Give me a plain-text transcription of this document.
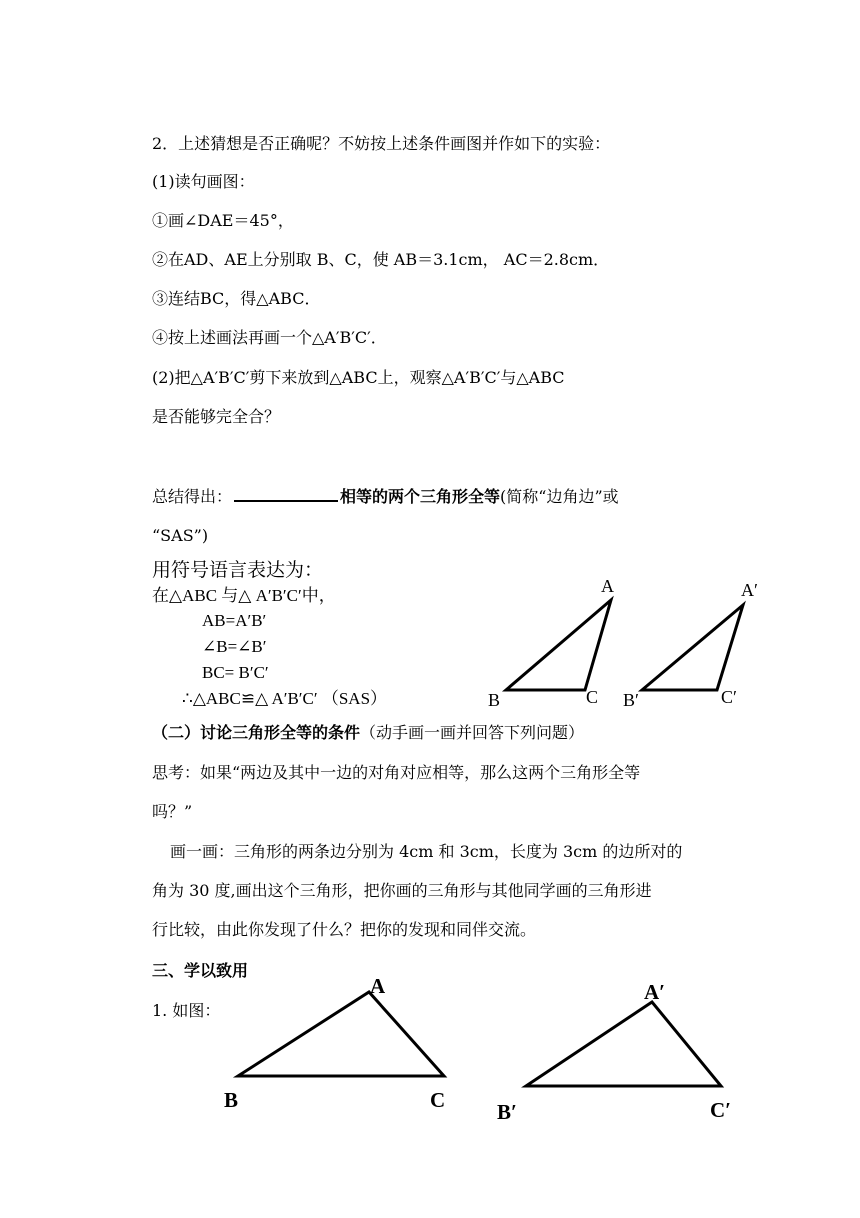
2．上述猜想是否正确呢？不妨按上述条件画图并作如下的实验：
(1)读句画图：
①画∠DAE＝45°，
②在AD、AE上分别取 B、C，使 AB＝3.1cm， AC＝2.8cm．
③连结BC，得△ABC．
④按上述画法再画一个△A′B′C′．
(2)把△A′B′C′剪下来放到△ABC上，观察△A′B′C′与△ABC
是否能够完全合？
总结得出：	相等的两个三角形全等(简称“边角边”或
“SAS”)
用符号语言表达为：
在△ABC 与△ A′B′C′中，
AB=A′B′
∠B=∠B′
BC= B′C′
∴△ABC≌△ A′B′C′ （SAS）
（二）讨论三角形全等的条件（动手画一画并回答下列问题）
思考：如果“两边及其中一边的对角对应相等，那么这两个三角形全等
吗？”
画一画：三角形的两条边分别为 4cm 和 3cm，长度为 3cm 的边所对的
角为 30 度,画出这个三角形，把你画的三角形与其他同学画的三角形进
行比较，由此你发现了什么？把你的发现和同伴交流。
三、学以致用
1. 如图：
A
B	C
A′
B′	C′
A
B	C
A′
B′	C′
